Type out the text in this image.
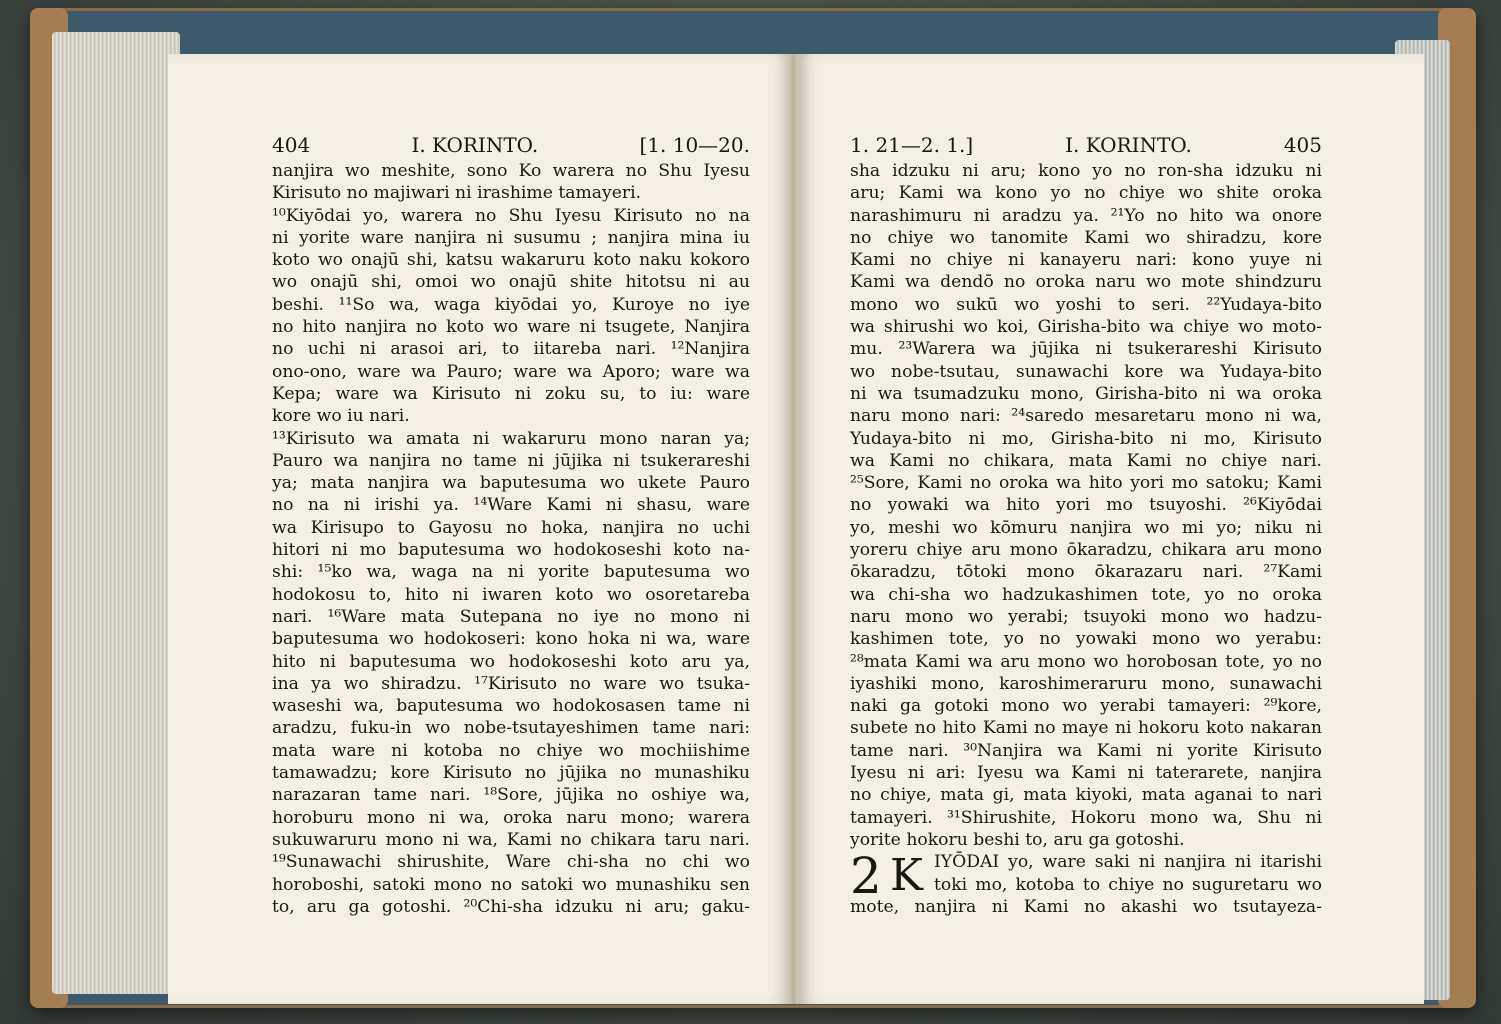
404	I. KORINTO.	[1. 10—20.	1. 21—2. 1.]	I. KORINTO.	405

nanjira wo meshite, sono Ko warera no Shu Iyesu

Kirisuto no majiwari ni irashime tamayeri.

¹⁰Kiyōdai yo, warera no Shu Iyesu Kirisuto no na

ni yorite ware nanjira ni susumu ; nanjira mina iu

koto wo onajū shi, katsu wakaruru koto naku kokoro

wo onajū shi, omoi wo onajū shite hitotsu ni au

beshi. ¹¹So wa, waga kiyōdai yo, Kuroye no iye

no hito nanjira no koto wo ware ni tsugete, Nanjira

no uchi ni arasoi ari, to iitareba nari. ¹²Nanjira

ono-ono, ware wa Pauro; ware wa Aporo; ware wa

Kepa; ware wa Kirisuto ni zoku su, to iu: ware

kore wo iu nari.

¹³Kirisuto wa amata ni wakaruru mono naran ya;

Pauro wa nanjira no tame ni jūjika ni tsukerareshi

ya; mata nanjira wa baputesuma wo ukete Pauro

no na ni irishi ya. ¹⁴Ware Kami ni shasu, ware

wa Kirisupo to Gayosu no hoka, nanjira no uchi

hitori ni mo baputesuma wo hodokoseshi koto na-

shi: ¹⁵ko wa, waga na ni yorite baputesuma wo

hodokosu to, hito ni iwaren koto wo osoretareba

nari. ¹⁶Ware mata Sutepana no iye no mono ni

baputesuma wo hodokoseri: kono hoka ni wa, ware

hito ni baputesuma wo hodokoseshi koto aru ya,

ina ya wo shiradzu. ¹⁷Kirisuto no ware wo tsuka-

waseshi wa, baputesuma wo hodokosasen tame ni

aradzu, fuku-in wo nobe-tsutayeshimen tame nari:

mata ware ni kotoba no chiye wo mochiishime

tamawadzu; kore Kirisuto no jūjika no munashiku

narazaran tame nari. ¹⁸Sore, jūjika no oshiye wa,

horoburu mono ni wa, oroka naru mono; warera

sukuwaruru mono ni wa, Kami no chikara taru nari.

¹⁹Sunawachi shirushite, Ware chi-sha no chi wo

horoboshi, satoki mono no satoki wo munashiku sen

to, aru ga gotoshi. ²⁰Chi-sha idzuku ni aru; gaku-

sha idzuku ni aru; kono yo no ron-sha idzuku ni

aru; Kami wa kono yo no chiye wo shite oroka

narashimuru ni aradzu ya. ²¹Yo no hito wa onore

no chiye wo tanomite Kami wo shiradzu, kore

Kami no chiye ni kanayeru nari: kono yuye ni

Kami wa dendō no oroka naru wo mote shindzuru

mono wo sukū wo yoshi to seri. ²²Yudaya-bito

wa shirushi wo koi, Girisha-bito wa chiye wo moto-

mu. ²³Warera wa jūjika ni tsukerareshi Kirisuto

wo nobe-tsutau, sunawachi kore wa Yudaya-bito

ni wa tsumadzuku mono, Girisha-bito ni wa oroka

naru mono nari: ²⁴saredo mesaretaru mono ni wa,

Yudaya-bito ni mo, Girisha-bito ni mo, Kirisuto

wa Kami no chikara, mata Kami no chiye nari.

²⁵Sore, Kami no oroka wa hito yori mo satoku; Kami

no yowaki wa hito yori mo tsuyoshi. ²⁶Kiyōdai

yo, meshi wo kōmuru nanjira wo mi yo; niku ni

yoreru chiye aru mono ōkaradzu, chikara aru mono

ōkaradzu, tōtoki mono ōkarazaru nari. ²⁷Kami

wa chi-sha wo hadzukashimen tote, yo no oroka

naru mono wo yerabi; tsuyoki mono wo hadzu-

kashimen tote, yo no yowaki mono wo yerabu:

²⁸mata Kami wa aru mono wo horobosan tote, yo no

iyashiki mono, karoshimeraruru mono, sunawachi

naki ga gotoki mono wo yerabi tamayeri: ²⁹kore,

subete no hito Kami no maye ni hokoru koto nakaran

tame nari. ³⁰Nanjira wa Kami ni yorite Kirisuto

Iyesu ni ari: Iyesu wa Kami ni taterarete, nanjira

no chiye, mata gi, mata kiyoki, mata aganai to nari

tamayeri. ³¹Shirushite, Hokoru mono wa, Shu ni

yorite hokoru beshi to, aru ga gotoshi.

2 K IYŌDAI yo, ware saki ni nanjira ni itarishi

toki mo, kotoba to chiye no suguretaru wo

mote, nanjira ni Kami no akashi wo tsutayeza-
